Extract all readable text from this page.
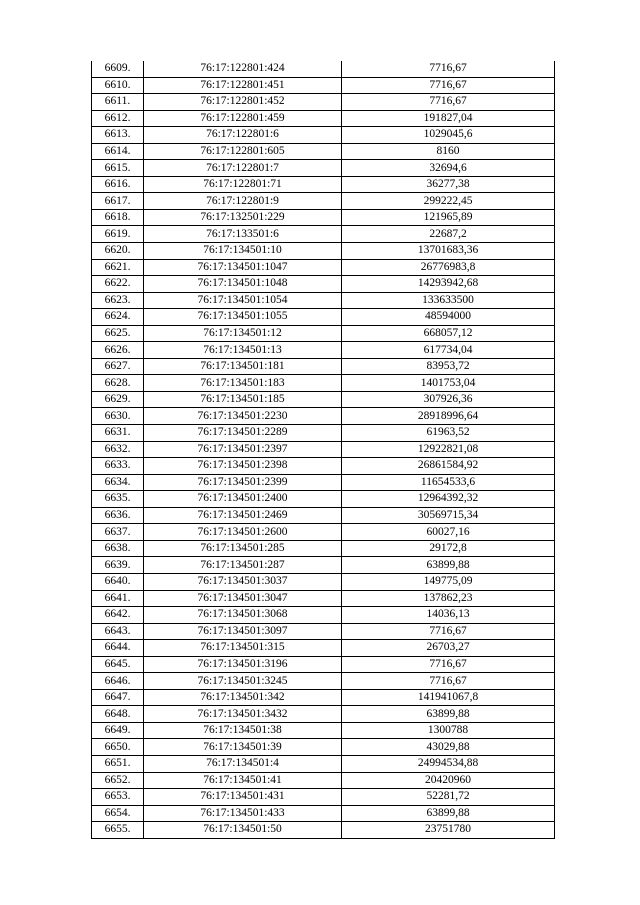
6609.	76:17:122801:424	7716,67
6610.	76:17:122801:451	7716,67
6611.	76:17:122801:452	7716,67
6612.	76:17:122801:459	191827,04
6613.	76:17:122801:6	1029045,6
6614.	76:17:122801:605	8160
6615.	76:17:122801:7	32694,6
6616.	76:17:122801:71	36277,38
6617.	76:17:122801:9	299222,45
6618.	76:17:132501:229	121965,89
6619.	76:17:133501:6	22687,2
6620.	76:17:134501:10	13701683,36
6621.	76:17:134501:1047	26776983,8
6622.	76:17:134501:1048	14293942,68
6623.	76:17:134501:1054	133633500
6624.	76:17:134501:1055	48594000
6625.	76:17:134501:12	668057,12
6626.	76:17:134501:13	617734,04
6627.	76:17:134501:181	83953,72
6628.	76:17:134501:183	1401753,04
6629.	76:17:134501:185	307926,36
6630.	76:17:134501:2230	28918996,64
6631.	76:17:134501:2289	61963,52
6632.	76:17:134501:2397	12922821,08
6633.	76:17:134501:2398	26861584,92
6634.	76:17:134501:2399	11654533,6
6635.	76:17:134501:2400	12964392,32
6636.	76:17:134501:2469	30569715,34
6637.	76:17:134501:2600	60027,16
6638.	76:17:134501:285	29172,8
6639.	76:17:134501:287	63899,88
6640.	76:17:134501:3037	149775,09
6641.	76:17:134501:3047	137862,23
6642.	76:17:134501:3068	14036,13
6643.	76:17:134501:3097	7716,67
6644.	76:17:134501:315	26703,27
6645.	76:17:134501:3196	7716,67
6646.	76:17:134501:3245	7716,67
6647.	76:17:134501:342	141941067,8
6648.	76:17:134501:3432	63899,88
6649.	76:17:134501:38	1300788
6650.	76:17:134501:39	43029,88
6651.	76:17:134501:4	24994534,88
6652.	76:17:134501:41	20420960
6653.	76:17:134501:431	52281,72
6654.	76:17:134501:433	63899,88
6655.	76:17:134501:50	23751780
